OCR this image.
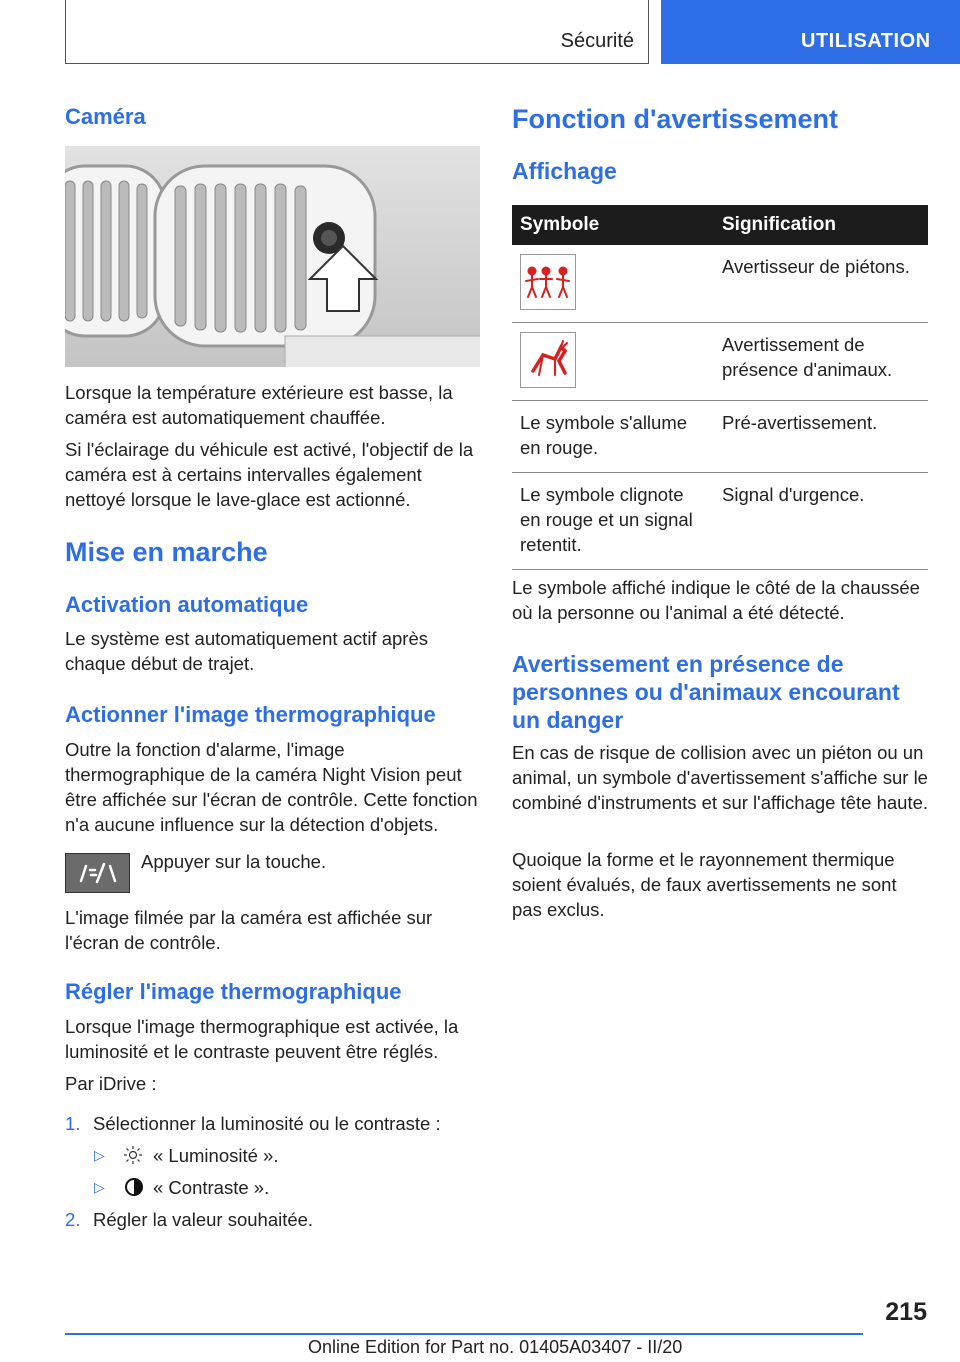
Sécurité	UTILISATION
Caméra
Lorsque la température extérieure est basse, la caméra est automatiquement chauffée.
Si l'éclairage du véhicule est activé, l'objectif de la caméra est à certains intervalles également nettoyé lorsque le lave-glace est actionné.
Mise en marche
Activation automatique
Le système est automatiquement actif après chaque début de trajet.
Actionner l'image thermographique
Outre la fonction d'alarme, l'image thermographique de la caméra Night Vision peut être affichée sur l'écran de contrôle. Cette fonction n'a aucune influence sur la détection d'objets.
Appuyer sur la touche.
L'image filmée par la caméra est affichée sur l'écran de contrôle.
Régler l'image thermographique
Lorsque l'image thermographique est activée, la luminosité et le contraste peuvent être réglés.
Par iDrive :
1. Sélectionner la luminosité ou le contraste :
▷	« Luminosité ».
▷	« Contraste ».
2. Régler la valeur souhaitée.
Fonction d'avertissement
Affichage
Symbole	Signification

	Avertisseur de piétons.

	Avertissement de présence d'animaux.
Le symbole s'allume en rouge.	Pré-avertissement.
Le symbole clignote en rouge et un signal retentit.	Signal d'urgence.
Le symbole affiché indique le côté de la chaussée où la personne ou l'animal a été détecté.
Avertissement en présence de personnes ou d'animaux encourant un danger
En cas de risque de collision avec un piéton ou un animal, un symbole d'avertissement s'affiche sur le combiné d'instruments et sur l'affichage tête haute.
Quoique la forme et le rayonnement thermique soient évalués, de faux avertissements ne sont pas exclus.
215
Online Edition for Part no. 01405A03407 - II/20
